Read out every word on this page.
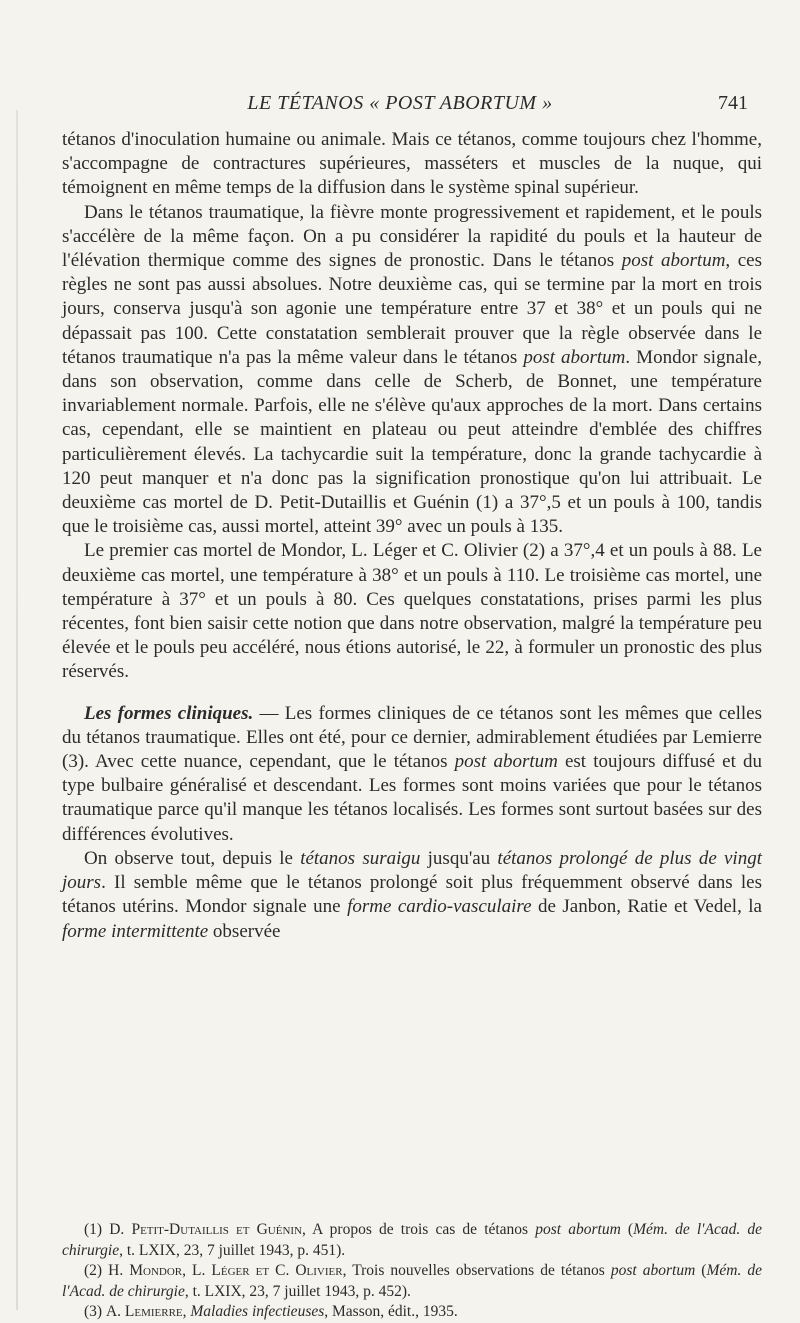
LE TÉTANOS « POST ABORTUM »	741

tétanos d'inoculation humaine ou animale. Mais ce tétanos, comme toujours chez l'homme, s'accompagne de contractures supérieures, masséters et muscles de la nuque, qui témoignent en même temps de la diffusion dans le système spinal supérieur.

Dans le tétanos traumatique, la fièvre monte progressivement et rapidement, et le pouls s'accélère de la même façon. On a pu considérer la rapidité du pouls et la hauteur de l'élévation thermique comme des signes de pronostic. Dans le tétanos post abortum, ces règles ne sont pas aussi absolues. Notre deuxième cas, qui se termine par la mort en trois jours, conserva jusqu'à son agonie une température entre 37 et 38° et un pouls qui ne dépassait pas 100. Cette constatation semblerait prouver que la règle observée dans le tétanos traumatique n'a pas la même valeur dans le tétanos post abortum. Mondor signale, dans son observation, comme dans celle de Scherb, de Bonnet, une température invariablement normale. Parfois, elle ne s'élève qu'aux approches de la mort. Dans certains cas, cependant, elle se maintient en plateau ou peut atteindre d'emblée des chiffres particulièrement élevés. La tachycardie suit la température, donc la grande tachycardie à 120 peut manquer et n'a donc pas la signification pronostique qu'on lui attribuait. Le deuxième cas mortel de D. Petit-Dutaillis et Guénin (1) a 37°,5 et un pouls à 100, tandis que le troisième cas, aussi mortel, atteint 39° avec un pouls à 135.

Le premier cas mortel de Mondor, L. Léger et C. Olivier (2) a 37°,4 et un pouls à 88. Le deuxième cas mortel, une température à 38° et un pouls à 110. Le troisième cas mortel, une température à 37° et un pouls à 80. Ces quelques constatations, prises parmi les plus récentes, font bien saisir cette notion que dans notre observation, malgré la température peu élevée et le pouls peu accéléré, nous étions autorisé, le 22, à formuler un pronostic des plus réservés.

Les formes cliniques. — Les formes cliniques de ce tétanos sont les mêmes que celles du tétanos traumatique. Elles ont été, pour ce dernier, admirablement étudiées par Lemierre (3). Avec cette nuance, cependant, que le tétanos post abortum est toujours diffusé et du type bulbaire généralisé et descendant. Les formes sont moins variées que pour le tétanos traumatique parce qu'il manque les tétanos localisés. Les formes sont surtout basées sur des différences évolutives.

On observe tout, depuis le tétanos suraigu jusqu'au tétanos prolongé de plus de vingt jours. Il semble même que le tétanos prolongé soit plus fréquemment observé dans les tétanos utérins. Mondor signale une forme cardio-vasculaire de Janbon, Ratie et Vedel, la forme intermittente observée

(1) D. Petit-Dutaillis et Guénin, A propos de trois cas de tétanos post abortum (Mém. de l'Acad. de chirurgie, t. LXIX, 23, 7 juillet 1943, p. 451).

(2) H. Mondor, L. Léger et C. Olivier, Trois nouvelles observations de tétanos post abortum (Mém. de l'Acad. de chirurgie, t. LXIX, 23, 7 juillet 1943, p. 452).

(3) A. Lemierre, Maladies infectieuses, Masson, édit., 1935.
